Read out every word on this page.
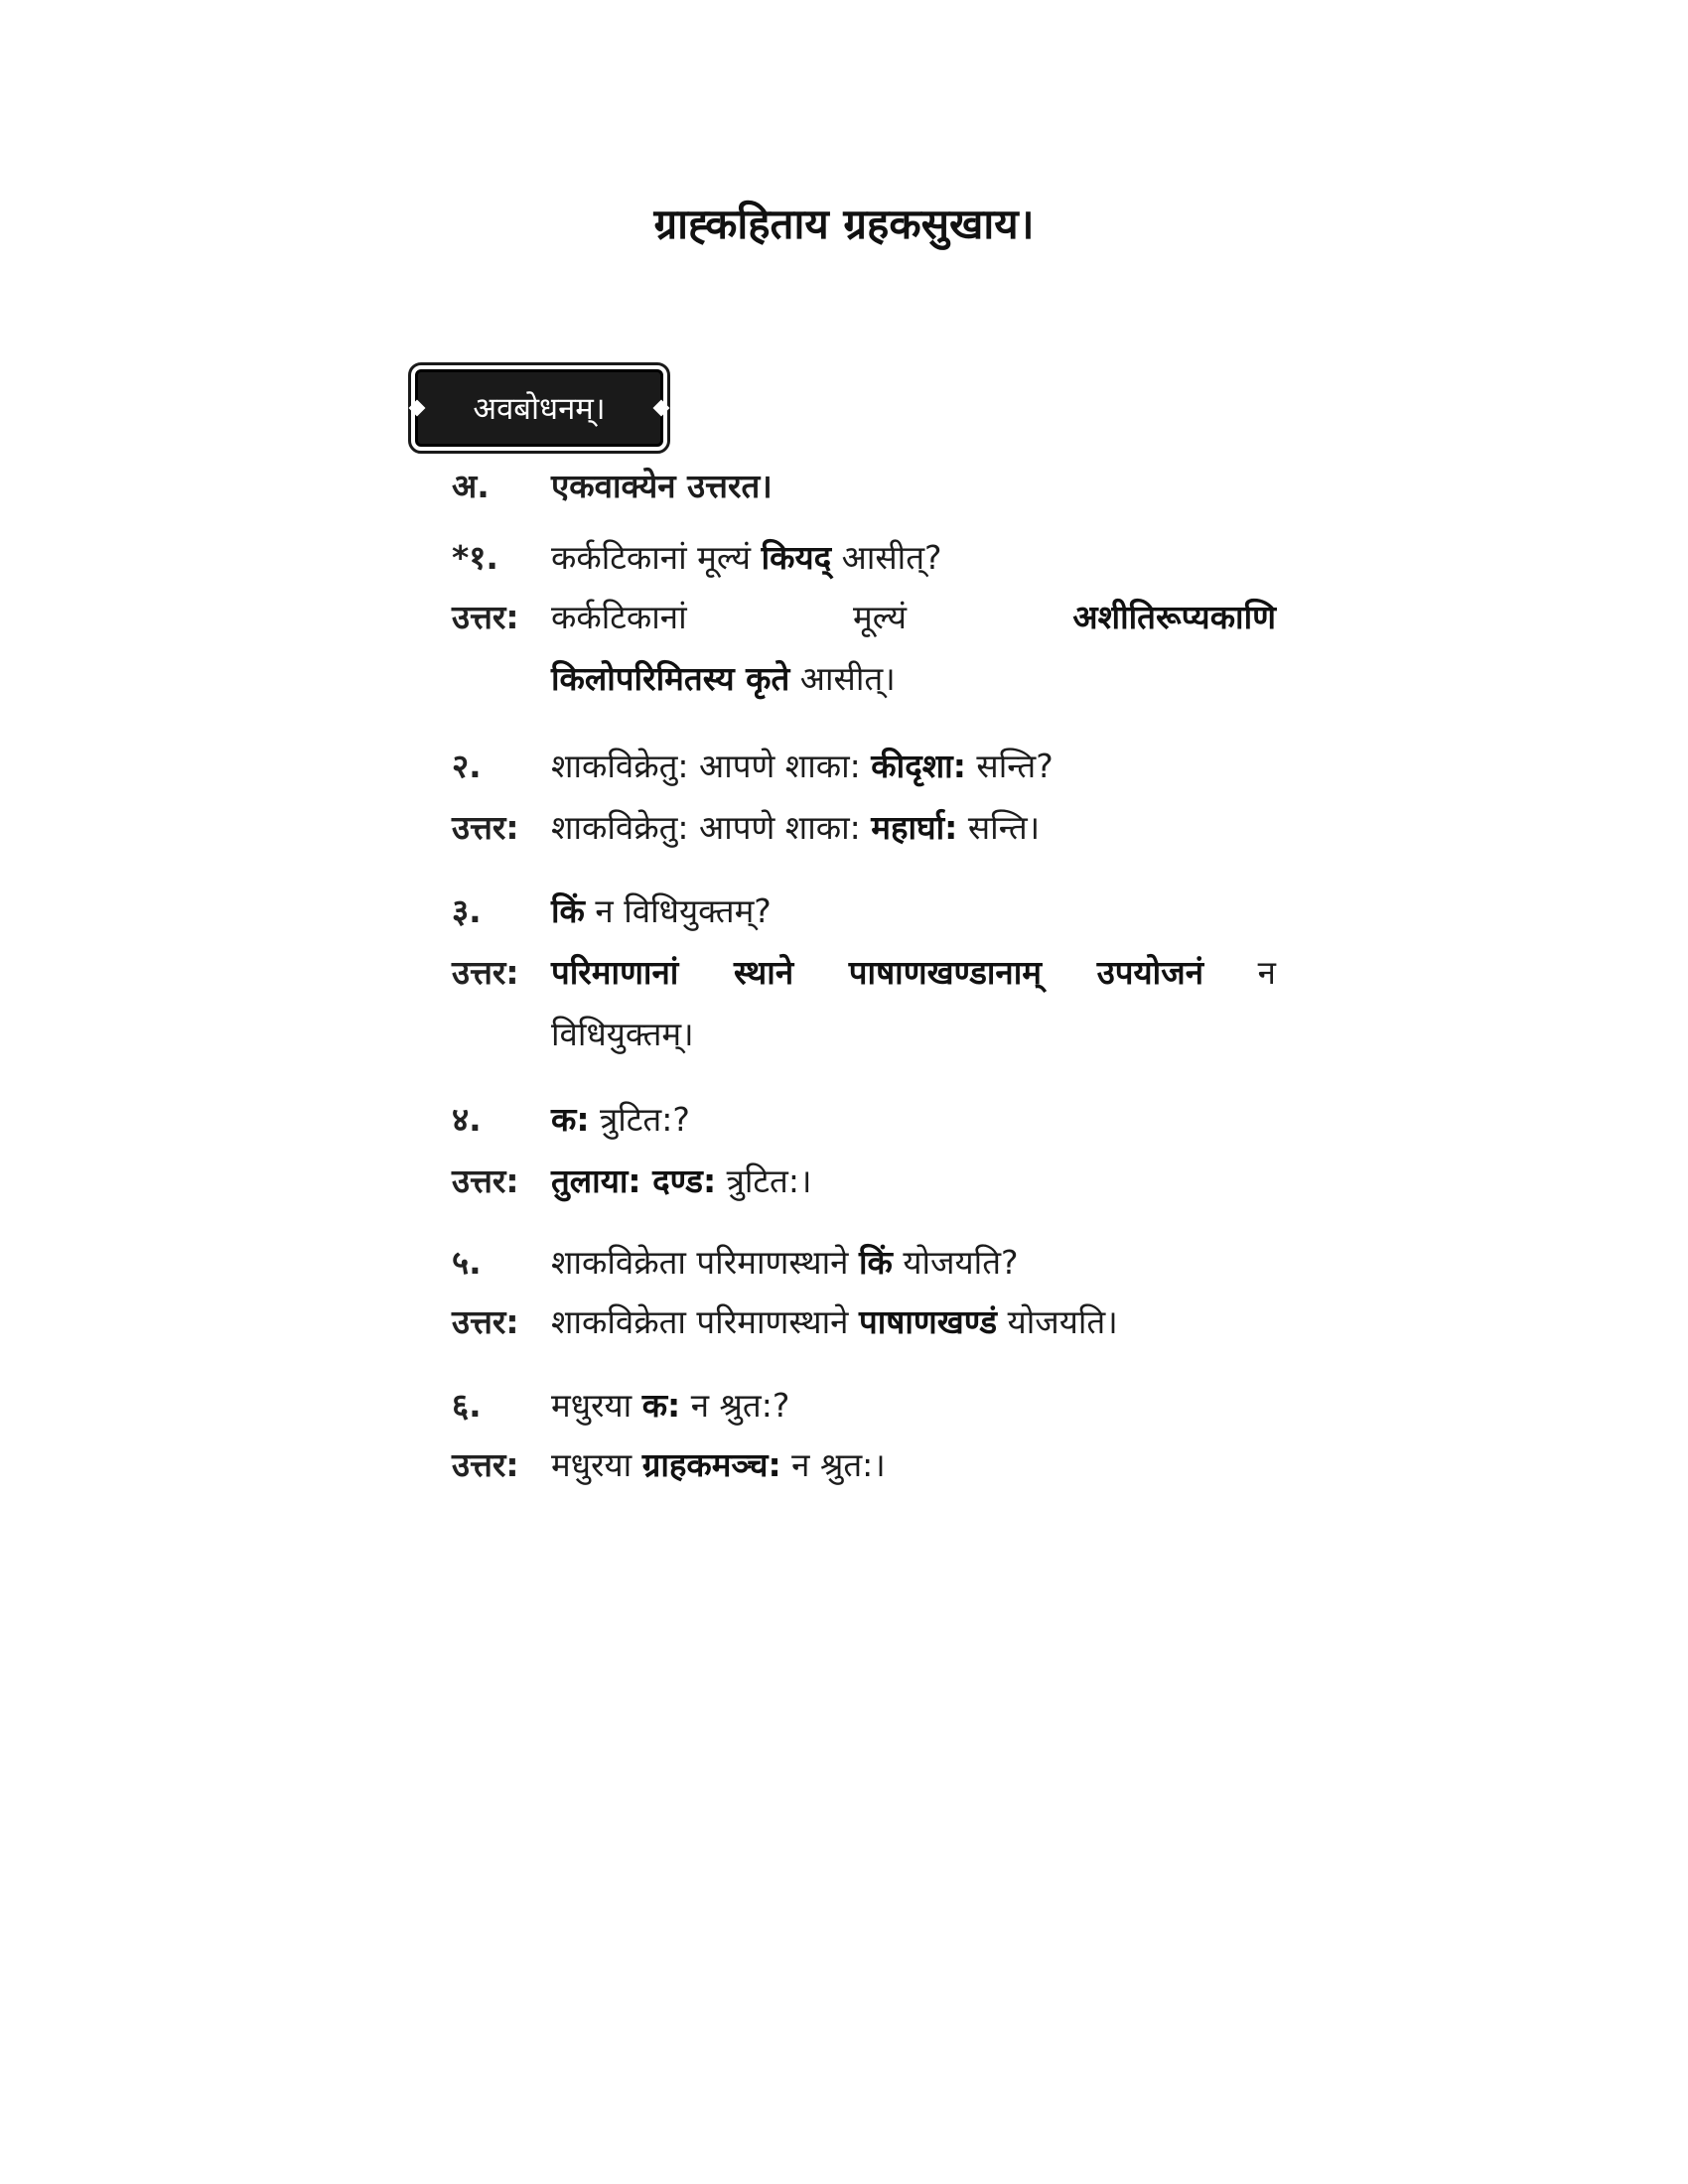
ग्राह्कहिताय ग्रहकसुखाय।
अवबोधनम्।
अ.	एकवाक्येन उत्तरत।
*१.	कर्कटिकानां मूल्यं कियद् आसीत्?
उत्तर: कर्कटिकानां मूल्यं अशीतिरूप्यकाणि
किलोपरिमितस्य कृते आसीत्।
२.	शाकविक्रेतु: आपणे शाका: कीदृशा: सन्ति?
उत्तर: शाकविक्रेतु: आपणे शाका: महार्घा: सन्ति।
३.	किं न विधियुक्तम्?
उत्तर: परिमाणानां स्थाने पाषाणखण्डानाम् उपयोजनं न
विधियुक्तम्।
४.	क: त्रुटित:?
उत्तर: तुलाया: दण्ड: त्रुटित:।
५.	शाकविक्रेता परिमाणस्थाने किं योजयति?
उत्तर: शाकविक्रेता परिमाणस्थाने पाषाणखण्डं योजयति।
६.	मधुरया क: न श्रुत:?
उत्तर: मधुरया ग्राहकमञ्च: न श्रुत:।
